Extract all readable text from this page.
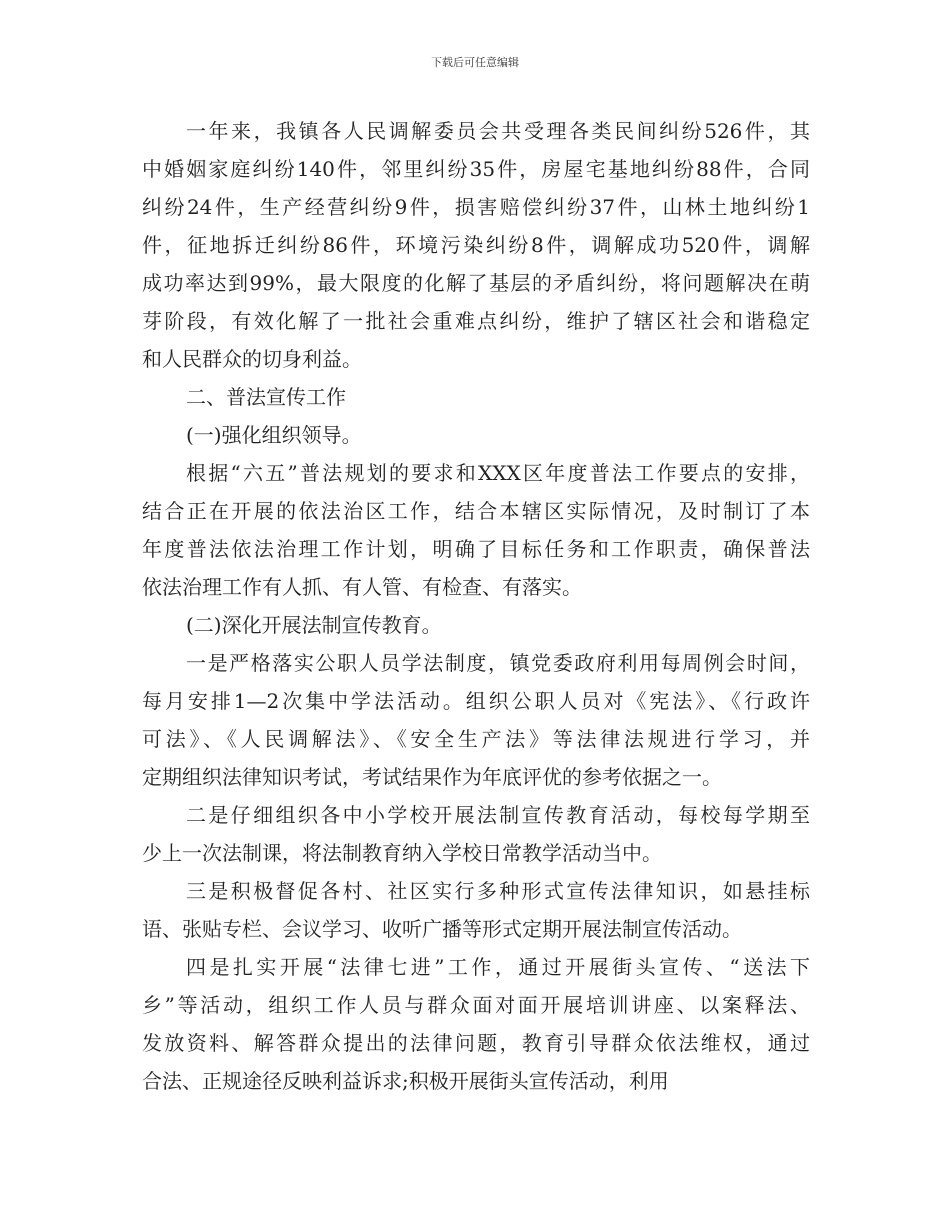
下载后可任意编辑
一年来，我镇各人民调解委员会共受理各类民间纠纷526件，其
中婚姻家庭纠纷140件，邻里纠纷35件，房屋宅基地纠纷88件，合同
纠纷24件，生产经营纠纷9件，损害赔偿纠纷37件，山林土地纠纷1
件，征地拆迁纠纷86件，环境污染纠纷8件，调解成功520件，调解
成功率达到99%，最大限度的化解了基层的矛盾纠纷，将问题解决在萌
芽阶段，有效化解了一批社会重难点纠纷，维护了辖区社会和谐稳定
和人民群众的切身利益。
二、普法宣传工作
(一)强化组织领导。
根据“六五”普法规划的要求和XXX区年度普法工作要点的安排，
结合正在开展的依法治区工作，结合本辖区实际情况，及时制订了本
年度普法依法治理工作计划，明确了目标任务和工作职责，确保普法
依法治理工作有人抓、有人管、有检查、有落实。
(二)深化开展法制宣传教育。
一是严格落实公职人员学法制度，镇党委政府利用每周例会时间，
每月安排1—2次集中学法活动。组织公职人员对《宪法》、《行政许
可法》、《人民调解法》、《安全生产法》等法律法规进行学习，并
定期组织法律知识考试，考试结果作为年底评优的参考依据之一。
二是仔细组织各中小学校开展法制宣传教育活动，每校每学期至
少上一次法制课，将法制教育纳入学校日常教学活动当中。
三是积极督促各村、社区实行多种形式宣传法律知识，如悬挂标
语、张贴专栏、会议学习、收听广播等形式定期开展法制宣传活动。
四是扎实开展“法律七进”工作，通过开展街头宣传、“送法下
乡”等活动，组织工作人员与群众面对面开展培训讲座、以案释法、
发放资料、解答群众提出的法律问题，教育引导群众依法维权，通过
合法、正规途径反映利益诉求;积极开展街头宣传活动，利用
